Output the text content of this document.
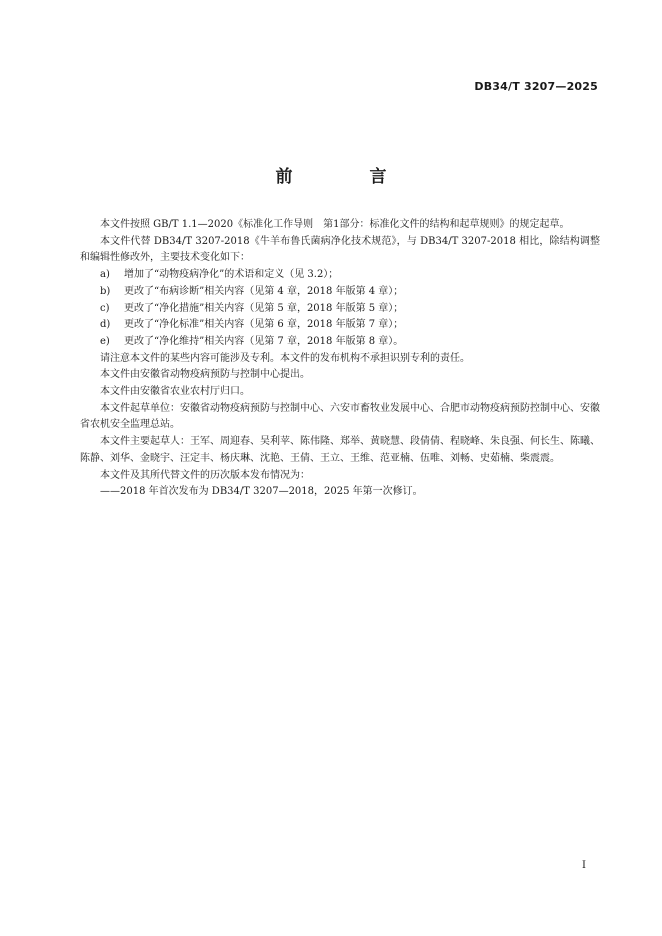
DB34/T 3207—2025
前　言

本文件按照 GB/T 1.1—2020《标准化工作导则　第1部分：标准化文件的结构和起草规则》的规定起草。

本文件代替 DB34/T 3207-2018《牛羊布鲁氏菌病净化技术规范》，与 DB34/T 3207-2018 相比，除结构调整和编辑性修改外，主要技术变化如下：

a) 增加了“动物疫病净化”的术语和定义（见 3.2）；
b) 更改了“布病诊断”相关内容（见第 4 章，2018 年版第 4 章）；
c) 更改了“净化措施”相关内容（见第 5 章，2018 年版第 5 章）；
d) 更改了“净化标准”相关内容（见第 6 章，2018 年版第 7 章）；
e) 更改了“净化维持”相关内容（见第 7 章，2018 年版第 8 章）。

请注意本文件的某些内容可能涉及专利。本文件的发布机构不承担识别专利的责任。

本文件由安徽省动物疫病预防与控制中心提出。

本文件由安徽省农业农村厅归口。

本文件起草单位：安徽省动物疫病预防与控制中心、六安市畜牧业发展中心、合肥市动物疫病预防控制中心、安徽省农机安全监理总站。

本文件主要起草人：王军、周迎春、吴利苹、陈伟隆、郑举、黄晓慧、段倩倩、程晓峰、朱良强、何长生、陈曦、陈静、刘华、金晓宇、汪定丰、杨庆琳、沈艳、王倩、王立、王维、范亚楠、伍唯、刘畅、史茹楠、柴震震。

本文件及其所代替文件的历次版本发布情况为：

——2018 年首次发布为 DB34/T 3207—2018，2025 年第一次修订。

I
